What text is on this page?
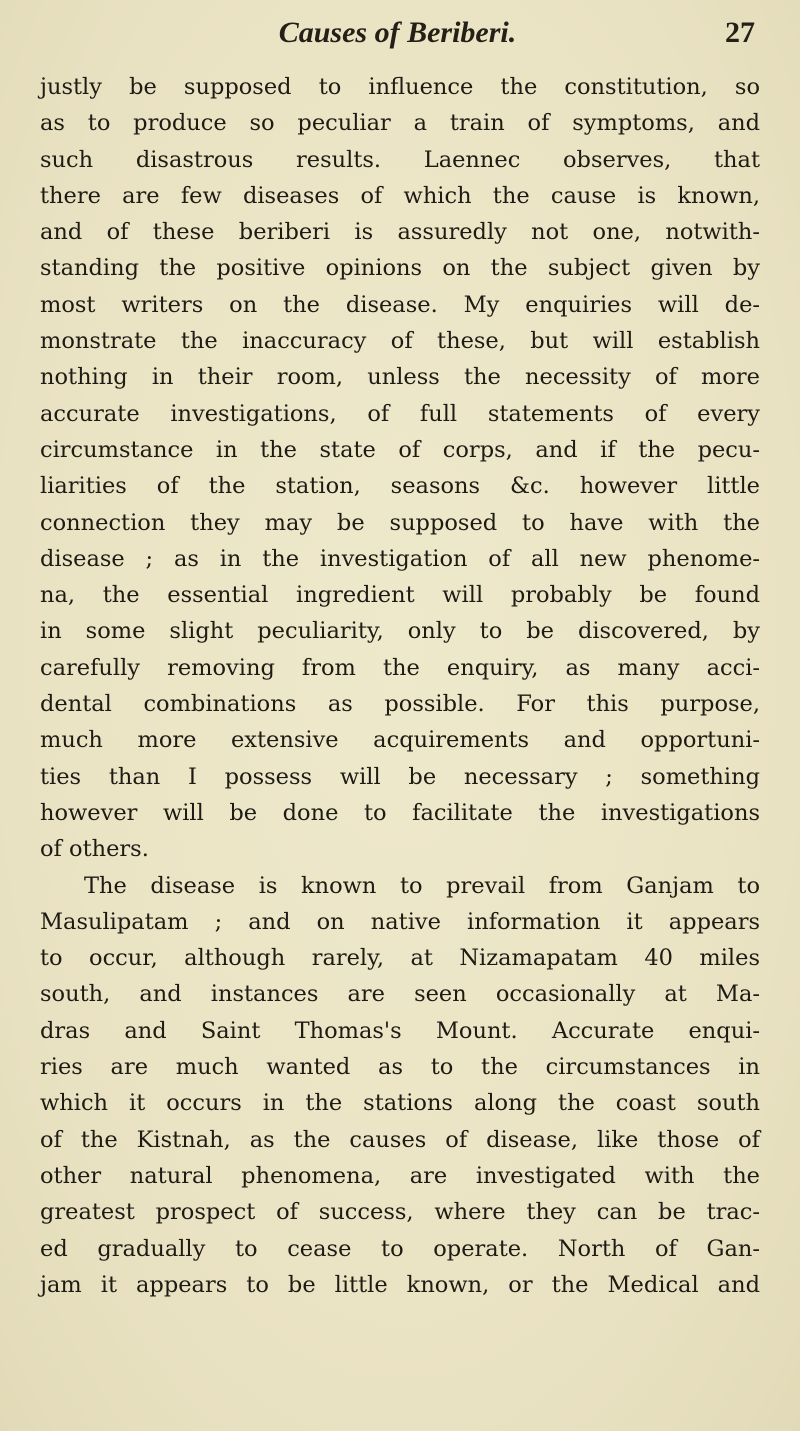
Causes of Beriberi.	27
justly be supposed to influence the constitution, so
as to produce so peculiar a train of symptoms, and
such disastrous results. Laennec observes, that
there are few diseases of which the cause is known,
and of these beriberi is assuredly not one, notwith-
standing the positive opinions on the subject given by
most writers on the disease. My enquiries will de-
monstrate the inaccuracy of these, but will establish
nothing in their room, unless the necessity of more
accurate investigations, of full statements of every
circumstance in the state of corps, and if the pecu-
liarities of the station, seasons &c. however little
connection they may be supposed to have with the
disease ; as in the investigation of all new phenome-
na, the essential ingredient will probably be found
in some slight peculiarity, only to be discovered, by
carefully removing from the enquiry, as many acci-
dental combinations as possible. For this purpose,
much more extensive acquirements and opportuni-
ties than I possess will be necessary ; something
however will be done to facilitate the investigations
of others.
The disease is known to prevail from Ganjam to
Masulipatam ; and on native information it appears
to occur, although rarely, at Nizamapatam 40 miles
south, and instances are seen occasionally at Ma-
dras and Saint Thomas's Mount. Accurate enqui-
ries are much wanted as to the circumstances in
which it occurs in the stations along the coast south
of the Kistnah, as the causes of disease, like those of
other natural phenomena, are investigated with the
greatest prospect of success, where they can be trac-
ed gradually to cease to operate. North of Gan-
jam it appears to be little known, or the Medical and
